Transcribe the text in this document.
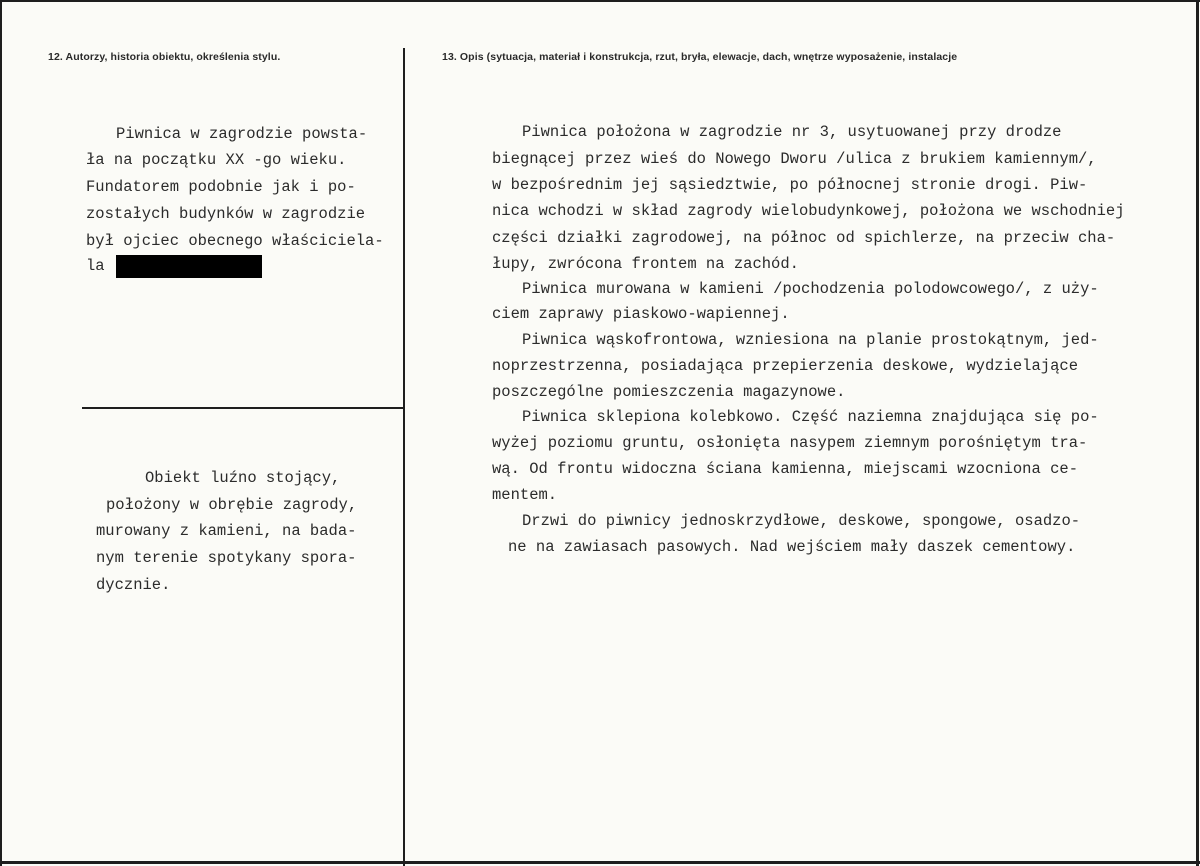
12. Autorzy, historia obiektu, określenia stylu.
Piwnica w zagrodzie powsta-
ła na początku XX -go wieku.
Fundatorem podobnie jak i po-
zostałych budynków w zagrodzie
był ojciec obecnego właściciela-
la
Obiekt luźno stojący,
położony w obrębie zagrody,
murowany z kamieni, na bada-
nym terenie spotykany spora-
dycznie.
13. Opis (sytuacja, materiał i konstrukcja, rzut, bryła, elewacje, dach, wnętrze wyposażenie, instalacje
Piwnica położona w zagrodzie nr 3, usytuowanej przy drodze
biegnącej przez wieś do Nowego Dworu /ulica z brukiem kamiennym/,
w bezpośrednim jej sąsiedztwie, po północnej stronie drogi. Piw-
nica wchodzi w skład zagrody wielobudynkowej, położona we wschodniej
części działki zagrodowej, na północ od spichlerze, na przeciw cha-
łupy, zwrócona frontem na zachód.
Piwnica murowana w kamieni /pochodzenia polodowcowego/, z uży-
ciem zaprawy piaskowo-wapiennej.
Piwnica wąskofrontowa, wzniesiona na planie prostokątnym, jed-
noprzestrzenna, posiadająca przepierzenia deskowe, wydzielające
poszczególne pomieszczenia magazynowe.
Piwnica sklepiona kolebkowo. Część naziemna znajdująca się po-
wyżej poziomu gruntu, osłonięta nasypem ziemnym porośniętym tra-
wą. Od frontu widoczna ściana kamienna, miejscami wzocniona ce-
mentem.
Drzwi do piwnicy jednoskrzydłowe, deskowe, spongowe, osadzo-
ne na zawiasach pasowych. Nad wejściem mały daszek cementowy.
